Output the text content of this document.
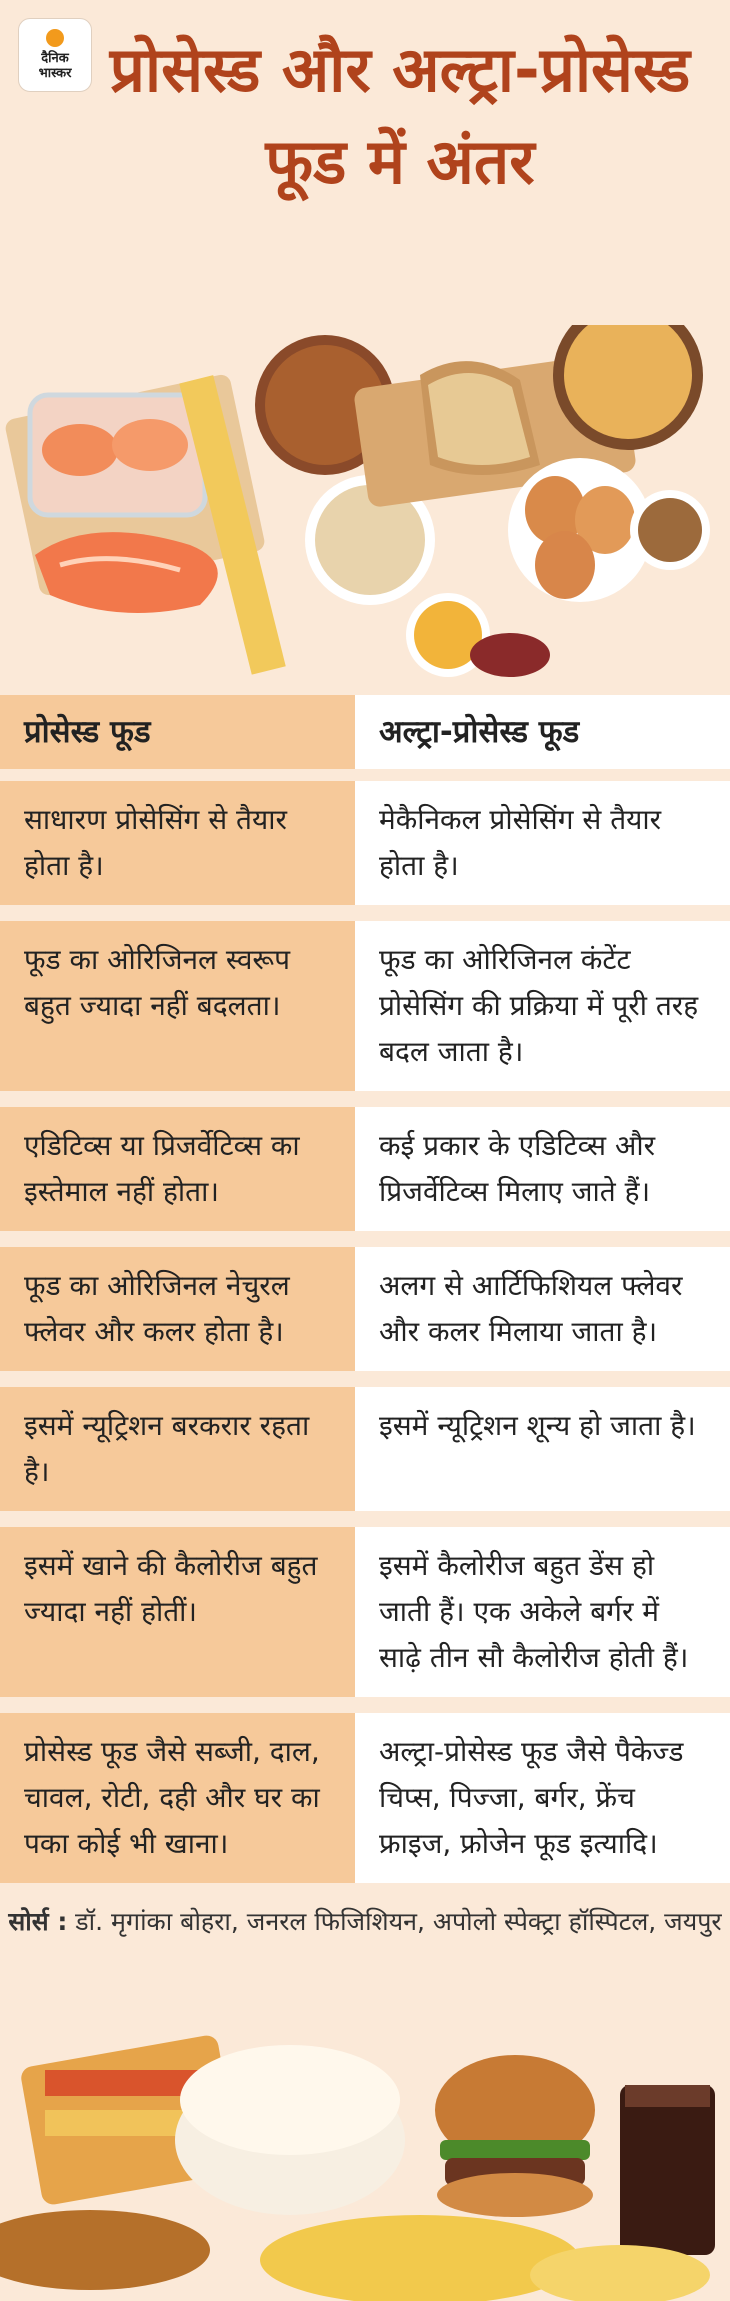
दैनिक
भास्कर प्रोसेस्ड और अल्ट्रा-प्रोसेस्ड फूड में अंतर
प्रोसेस्ड फूड	अल्ट्रा-प्रोसेस्ड फूड
साधारण प्रोसेसिंग से तैयार होता है।
मेकैनिकल प्रोसेसिंग से तैयार होता है।
फूड का ओरिजिनल स्वरूप बहुत ज्यादा नहीं बदलता।
फूड का ओरिजिनल कंटेंट प्रोसेसिंग की प्रक्रिया में पूरी तरह बदल जाता है।
एडिटिव्स या प्रिजर्वेटिव्स का इस्तेमाल नहीं होता।
कई प्रकार के एडिटिव्स और प्रिजर्वेटिव्स मिलाए जाते हैं।
फूड का ओरिजिनल नेचुरल फ्लेवर और कलर होता है।
अलग से आर्टिफिशियल फ्लेवर और कलर मिलाया जाता है।
इसमें न्यूट्रिशन बरकरार रहता है।
इसमें न्यूट्रिशन शून्य हो जाता है।
इसमें खाने की कैलोरीज बहुत ज्यादा नहीं होतीं।
इसमें कैलोरीज बहुत डेंस हो जाती हैं। एक अकेले बर्गर में साढ़े तीन सौ कैलोरीज होती हैं।
प्रोसेस्ड फूड जैसे सब्जी, दाल, चावल, रोटी, दही और घर का पका कोई भी खाना।
अल्ट्रा-प्रोसेस्ड फूड जैसे पैकेज्ड चिप्स, पिज्जा, बर्गर, फ्रेंच फ्राइज, फ्रोजेन फूड इत्यादि।
सोर्स : डॉ. मृगांका बोहरा, जनरल फिजिशियन, अपोलो स्पेक्ट्रा हॉस्पिटल, जयपुर
